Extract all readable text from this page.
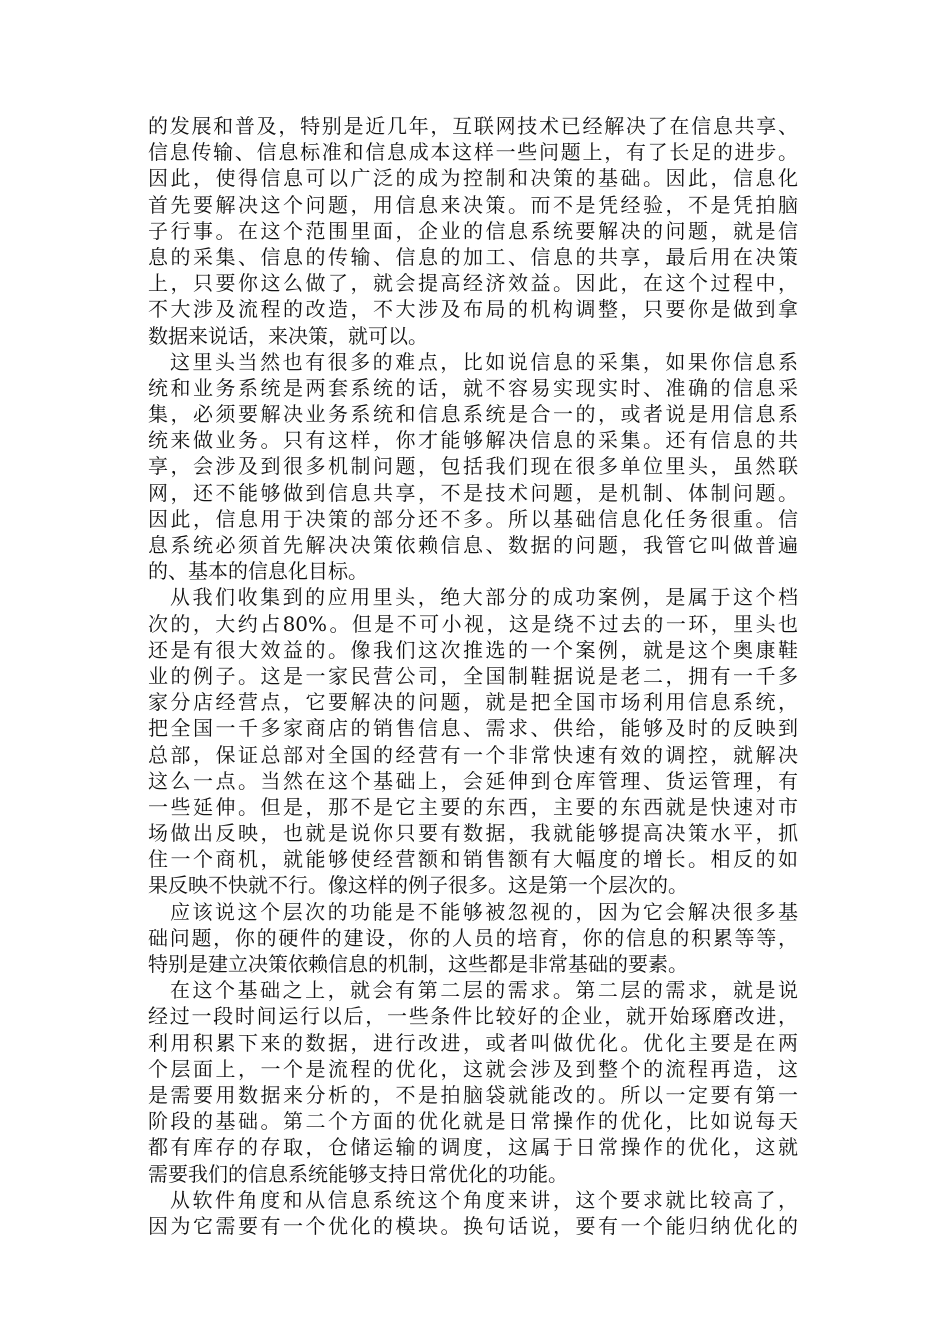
的发展和普及，特别是近几年，互联网技术已经解决了在信息共享、
信息传输、信息标准和信息成本这样一些问题上，有了长足的进步。
因此，使得信息可以广泛的成为控制和决策的基础。因此，信息化
首先要解决这个问题，用信息来决策。而不是凭经验，不是凭拍脑
子行事。在这个范围里面，企业的信息系统要解决的问题，就是信
息的采集、信息的传输、信息的加工、信息的共享，最后用在决策
上，只要你这么做了，就会提高经济效益。因此，在这个过程中，
不大涉及流程的改造，不大涉及布局的机构调整，只要你是做到拿
数据来说话，来决策，就可以。
这里头当然也有很多的难点，比如说信息的采集，如果你信息系
统和业务系统是两套系统的话，就不容易实现实时、准确的信息采
集，必须要解决业务系统和信息系统是合一的，或者说是用信息系
统来做业务。只有这样，你才能够解决信息的采集。还有信息的共
享，会涉及到很多机制问题，包括我们现在很多单位里头，虽然联
网，还不能够做到信息共享，不是技术问题，是机制、体制问题。
因此，信息用于决策的部分还不多。所以基础信息化任务很重。信
息系统必须首先解决决策依赖信息、数据的问题，我管它叫做普遍
的、基本的信息化目标。
从我们收集到的应用里头，绝大部分的成功案例，是属于这个档
次的，大约占80%。但是不可小视，这是绕不过去的一环，里头也
还是有很大效益的。像我们这次推选的一个案例，就是这个奥康鞋
业的例子。这是一家民营公司，全国制鞋据说是老二，拥有一千多
家分店经营点，它要解决的问题，就是把全国市场利用信息系统，
把全国一千多家商店的销售信息、需求、供给，能够及时的反映到
总部，保证总部对全国的经营有一个非常快速有效的调控，就解决
这么一点。当然在这个基础上，会延伸到仓库管理、货运管理，有
一些延伸。但是，那不是它主要的东西，主要的东西就是快速对市
场做出反映，也就是说你只要有数据，我就能够提高决策水平，抓
住一个商机，就能够使经营额和销售额有大幅度的增长。相反的如
果反映不快就不行。像这样的例子很多。这是第一个层次的。
应该说这个层次的功能是不能够被忽视的，因为它会解决很多基
础问题，你的硬件的建设，你的人员的培育，你的信息的积累等等，
特别是建立决策依赖信息的机制，这些都是非常基础的要素。
在这个基础之上，就会有第二层的需求。第二层的需求，就是说
经过一段时间运行以后，一些条件比较好的企业，就开始琢磨改进，
利用积累下来的数据，进行改进，或者叫做优化。优化主要是在两
个层面上，一个是流程的优化，这就会涉及到整个的流程再造，这
是需要用数据来分析的，不是拍脑袋就能改的。所以一定要有第一
阶段的基础。第二个方面的优化就是日常操作的优化，比如说每天
都有库存的存取，仓储运输的调度，这属于日常操作的优化，这就
需要我们的信息系统能够支持日常优化的功能。
从软件角度和从信息系统这个角度来讲，这个要求就比较高了，
因为它需要有一个优化的模块。换句话说，要有一个能归纳优化的
